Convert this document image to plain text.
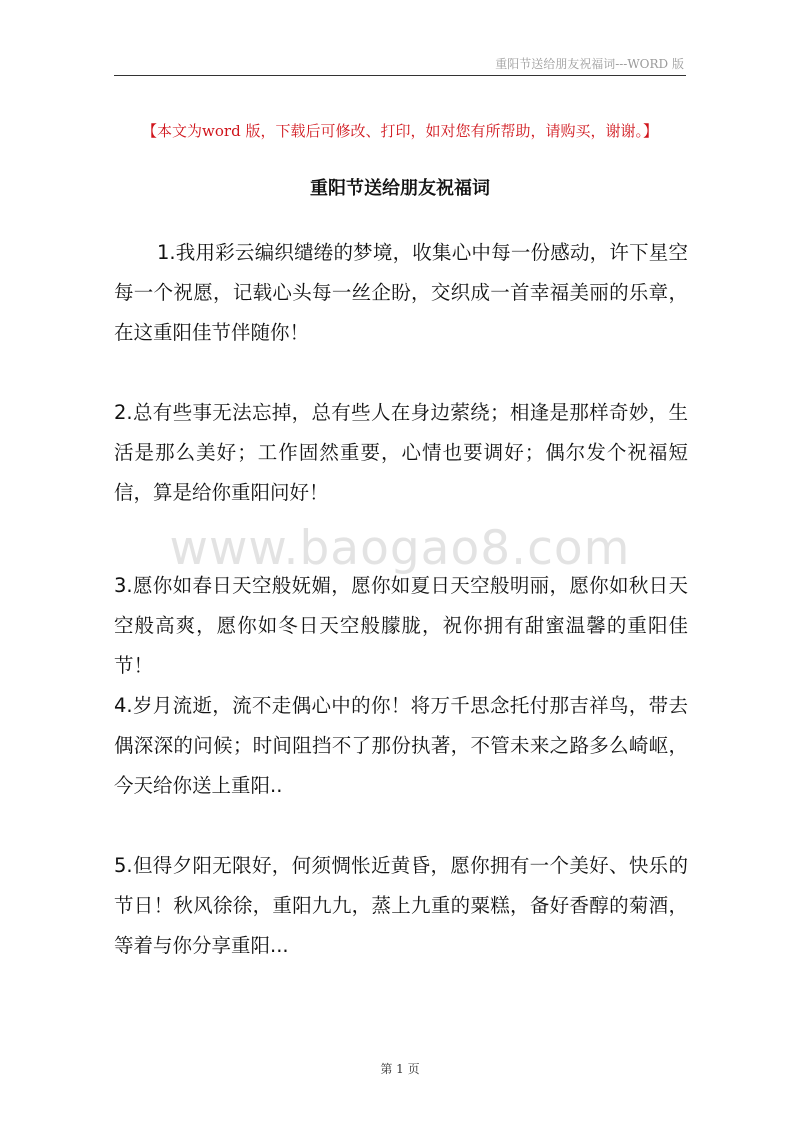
重阳节送给朋友祝福词---WORD 版
【本文为word 版，下载后可修改、打印，如对您有所帮助，请购买，谢谢。】
重阳节送给朋友祝福词

1.我用彩云编织缱绻的梦境，收集心中每一份感动，许下星空每一个祝愿，记载心头每一丝企盼，交织成一首幸福美丽的乐章，在这重阳佳节伴随你！

2.总有些事无法忘掉，总有些人在身边萦绕；相逢是那样奇妙，生活是那么美好；工作固然重要，心情也要调好；偶尔发个祝福短信，算是给你重阳问好！

www.baogao8.com

3.愿你如春日天空般妩媚，愿你如夏日天空般明丽，愿你如秋日天空般高爽，愿你如冬日天空般朦胧，祝你拥有甜蜜温馨的重阳佳节！

4.岁月流逝，流不走偶心中的你！将万千思念托付那吉祥鸟，带去偶深深的问候；时间阻挡不了那份执著，不管未来之路多么崎岖，今天给你送上重阳..

5.但得夕阳无限好，何须惆怅近黄昏，愿你拥有一个美好、快乐的节日！秋风徐徐，重阳九九，蒸上九重的粟糕，备好香醇的菊酒，等着与你分享重阳...

第 1 页
